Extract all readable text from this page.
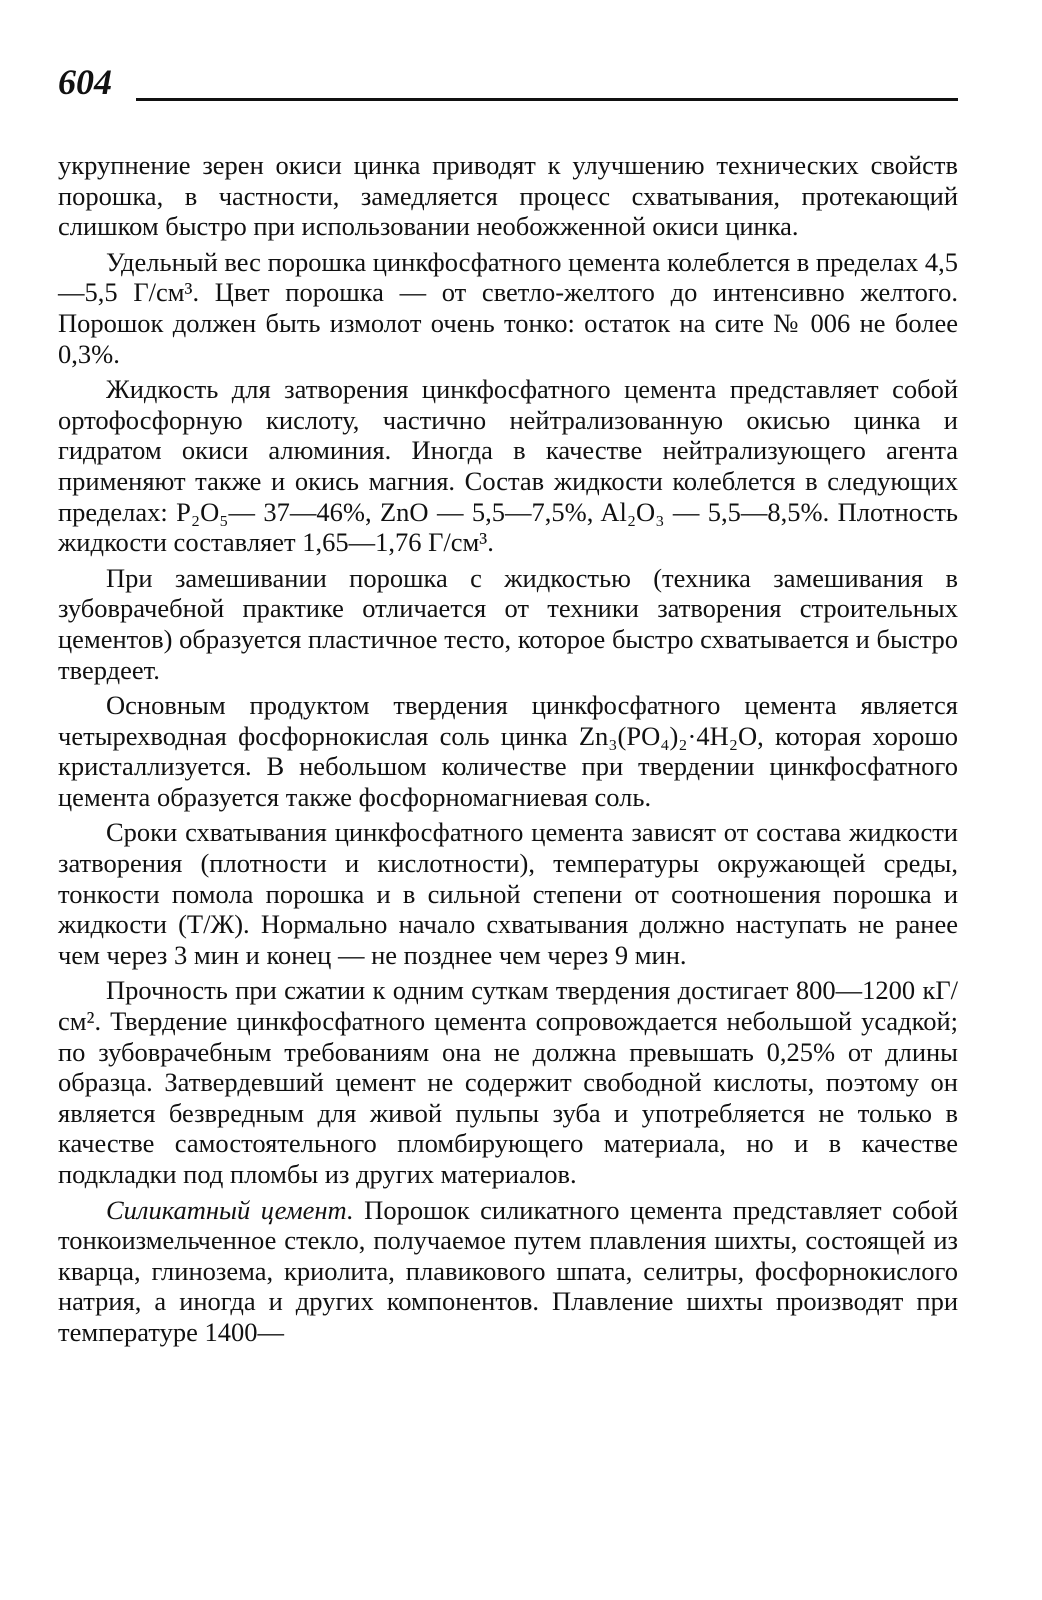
604

укрупнение зерен окиси цинка приводят к улучшению технических свойств порошка, в частности, замедляется процесс схватывания, протекающий слишком быстро при использовании необожженной окиси цинка.

Удельный вес порошка цинкфосфатного цемента колеблется в пределах 4,5—5,5 Г/см³. Цвет порошка — от светло-желтого до интенсивно желтого. Порошок должен быть измолот очень тонко: остаток на сите № 006 не более 0,3%.

Жидкость для затворения цинкфосфатного цемента представляет собой ортофосфорную кислоту, частично нейтрализованную окисью цинка и гидратом окиси алюминия. Иногда в качестве нейтрализующего агента применяют также и окись магния. Состав жидкости колеблется в следующих пределах: P₂O₅— 37—46%, ZnO — 5,5—7,5%, Al₂O₃ — 5,5—8,5%. Плотность жидкости составляет 1,65—1,76 Г/см³.

При замешивании порошка с жидкостью (техника замешивания в зубоврачебной практике отличается от техники затворения строительных цементов) образуется пластичное тесто, которое быстро схватывается и быстро твердеет.

Основным продуктом твердения цинкфосфатного цемента является четырехводная фосфорнокислая соль цинка Zn₃(PO₄)₂·4H₂O, которая хорошо кристаллизуется. В небольшом количестве при твердении цинкфосфатного цемента образуется также фосфорномагниевая соль.

Сроки схватывания цинкфосфатного цемента зависят от состава жидкости затворения (плотности и кислотности), температуры окружающей среды, тонкости помола порошка и в сильной степени от соотношения порошка и жидкости (Т/Ж). Нормально начало схватывания должно наступать не ранее чем через 3 мин и конец — не позднее чем через 9 мин.

Прочность при сжатии к одним суткам твердения достигает 800—1200 кГ/см². Твердение цинкфосфатного цемента сопровождается небольшой усадкой; по зубоврачебным требованиям она не должна превышать 0,25% от длины образца. Затвердевший цемент не содержит свободной кислоты, поэтому он является безвредным для живой пульпы зуба и употребляется не только в качестве самостоятельного пломбирующего материала, но и в качестве подкладки под пломбы из других материалов.

Силикатный цемент. Порошок силикатного цемента представляет собой тонкоизмельченное стекло, получаемое путем плавления шихты, состоящей из кварца, глинозема, криолита, плавикового шпата, селитры, фосфорнокислого натрия, а иногда и других компонентов. Плавление шихты производят при температуре 1400—
